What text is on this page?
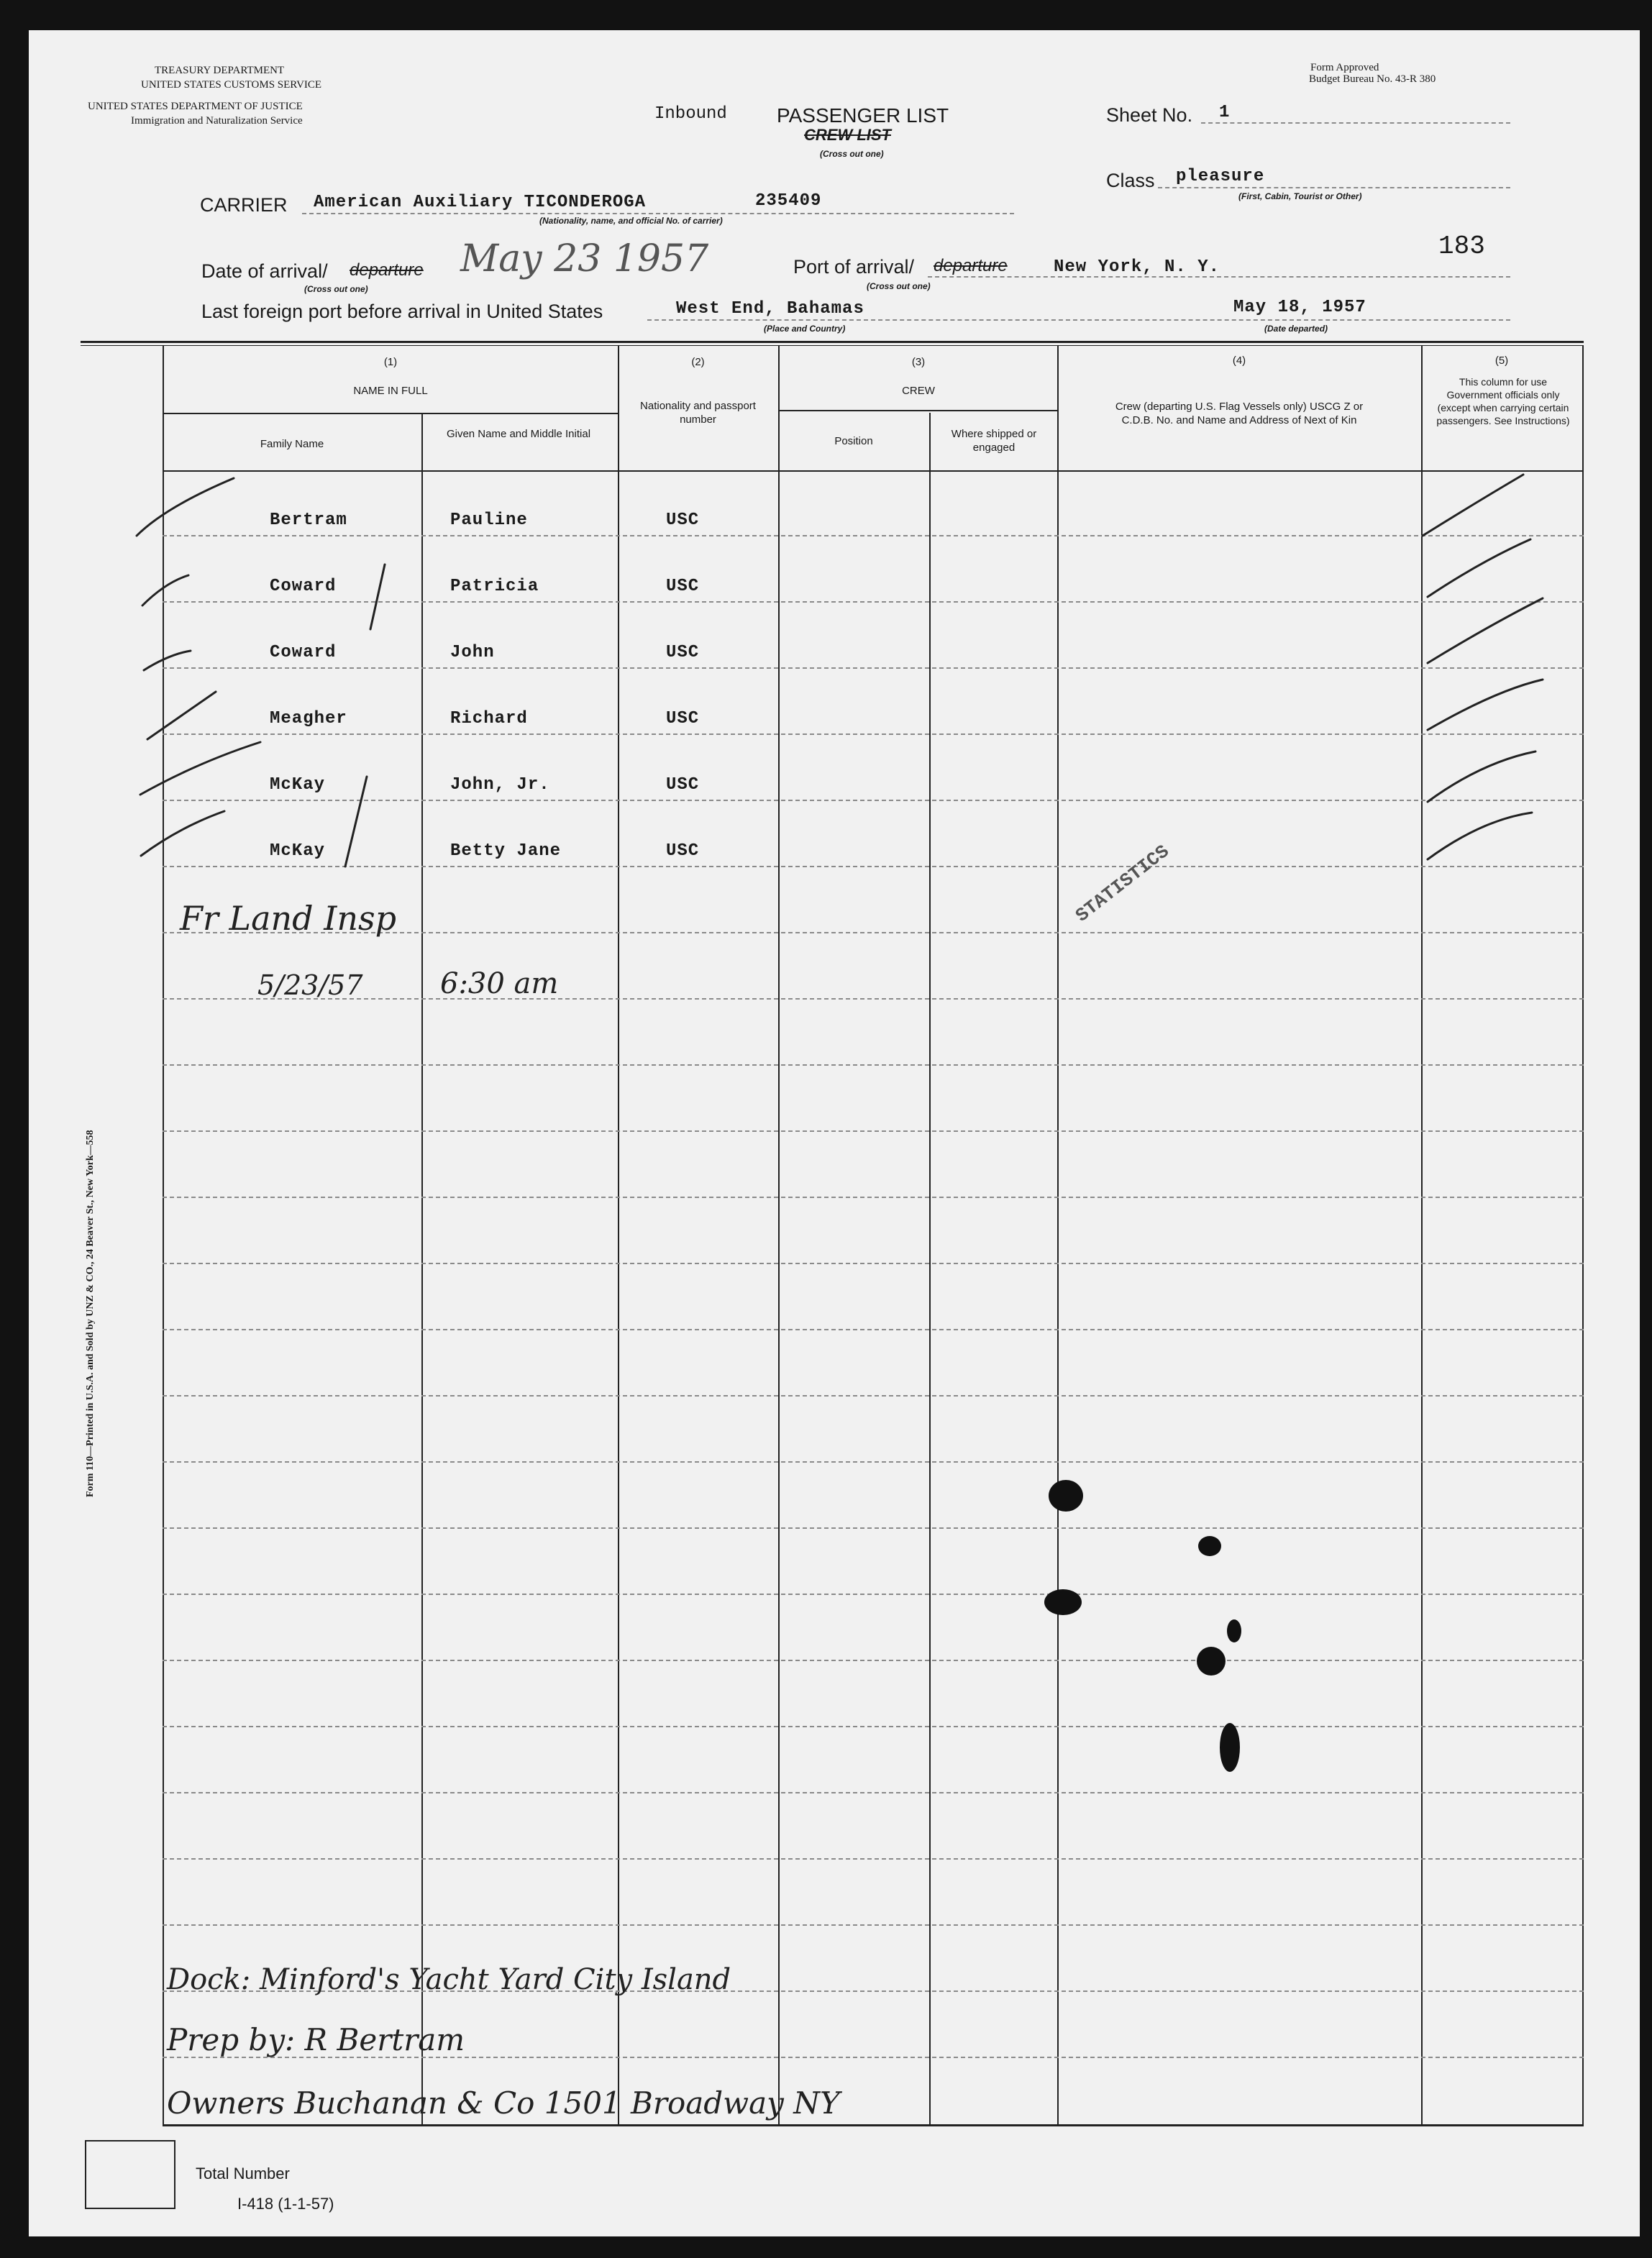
TREASURY DEPARTMENT
UNITED STATES CUSTOMS SERVICE
UNITED STATES DEPARTMENT OF JUSTICE
Immigration and Naturalization Service
Form Approved
Budget Bureau No. 43-R 380
Inbound PASSENGER LIST
CREW LIST
(Cross out one)
Sheet No. 1
Class pleasure
(First, Cabin, Tourist or Other)
183
CARRIER American Auxiliary TICONDEROGA	235409
(Nationality, name, and official No. of carrier)
Date of arrival/ departure
(Cross out one)
May 23 1957	Port of arrival/ departure
(Cross out one)
New York, N. Y.
Last foreign port before arrival in United States	West End, Bahamas
(Place and Country)
May 18, 1957
(Date departed)
(1)
NAME IN FULL
Family Name
Given Name and Middle Initial
(2)
Nationality and passport number
(3)
CREW
Position
Where shipped or engaged
(4)
Crew (departing U.S. Flag Vessels only) USCG Z or C.D.B. No. and Name and Address of Next of Kin
(5)
This column for use Government officials only (except when carrying certain passengers. See Instructions)
Bertram	Pauline	USC
Coward	Patricia	USC
Coward	John	USC
Meagher	Richard	USC
McKay	John, Jr.	USC
McKay	Betty Jane	USC
Fr Land Insp
5/23/57	6:30 am
STATISTICS
Dock: Minford's Yacht Yard City Island
Prep by: R Bertram
Owners Buchanan & Co 1501 Broadway NY
Total Number
I-418 (1-1-57)
Form 110—Printed in U.S.A. and Sold by UNZ & CO., 24 Beaver St., New York—558
